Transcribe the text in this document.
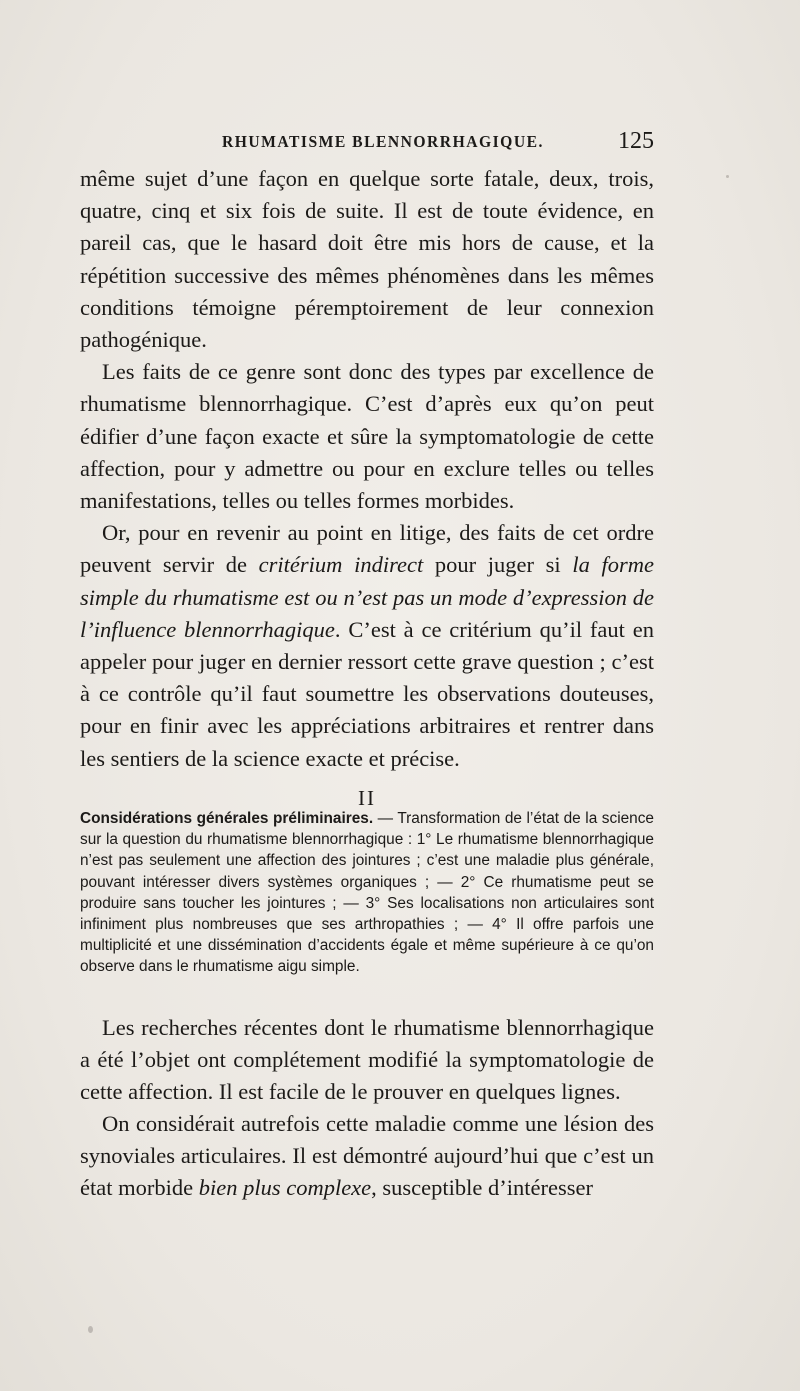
RHUMATISME BLENNORRHAGIQUE.	125

même sujet d’une façon en quelque sorte fatale, deux, trois, quatre, cinq et six fois de suite. Il est de toute évidence, en pareil cas, que le hasard doit être mis hors de cause, et la répétition successive des mêmes phénomènes dans les mêmes conditions témoigne péremptoirement de leur connexion pathogénique.

Les faits de ce genre sont donc des types par excellence de rhumatisme blennorrhagique. C’est d’après eux qu’on peut édifier d’une façon exacte et sûre la symptomatologie de cette affection, pour y admettre ou pour en exclure telles ou telles manifestations, telles ou telles formes morbides.

Or, pour en revenir au point en litige, des faits de cet ordre peuvent servir de critérium indirect pour juger si la forme simple du rhumatisme est ou n’est pas un mode d’expression de l’influence blennorrhagique. C’est à ce critérium qu’il faut en appeler pour juger en dernier ressort cette grave question ; c’est à ce contrôle qu’il faut soumettre les observations douteuses, pour en finir avec les appréciations arbitraires et rentrer dans les sentiers de la science exacte et précise.

II

Considérations générales préliminaires. — Transformation de l’état de la science sur la question du rhumatisme blennorrhagique : 1° Le rhumatisme blennorrhagique n’est pas seulement une affection des jointures ; c’est une maladie plus générale, pouvant intéresser divers systèmes organiques ; — 2° Ce rhumatisme peut se produire sans toucher les jointures ; — 3° Ses localisations non articulaires sont infiniment plus nombreuses que ses arthropathies ; — 4° Il offre parfois une multiplicité et une dissémination d’accidents égale et même supérieure à ce qu’on observe dans le rhumatisme aigu simple.

Les recherches récentes dont le rhumatisme blennorrhagique a été l’objet ont complétement modifié la symptomatologie de cette affection. Il est facile de le prouver en quelques lignes.

On considérait autrefois cette maladie comme une lésion des synoviales articulaires. Il est démontré aujourd’hui que c’est un état morbide bien plus complexe, susceptible d’intéresser
